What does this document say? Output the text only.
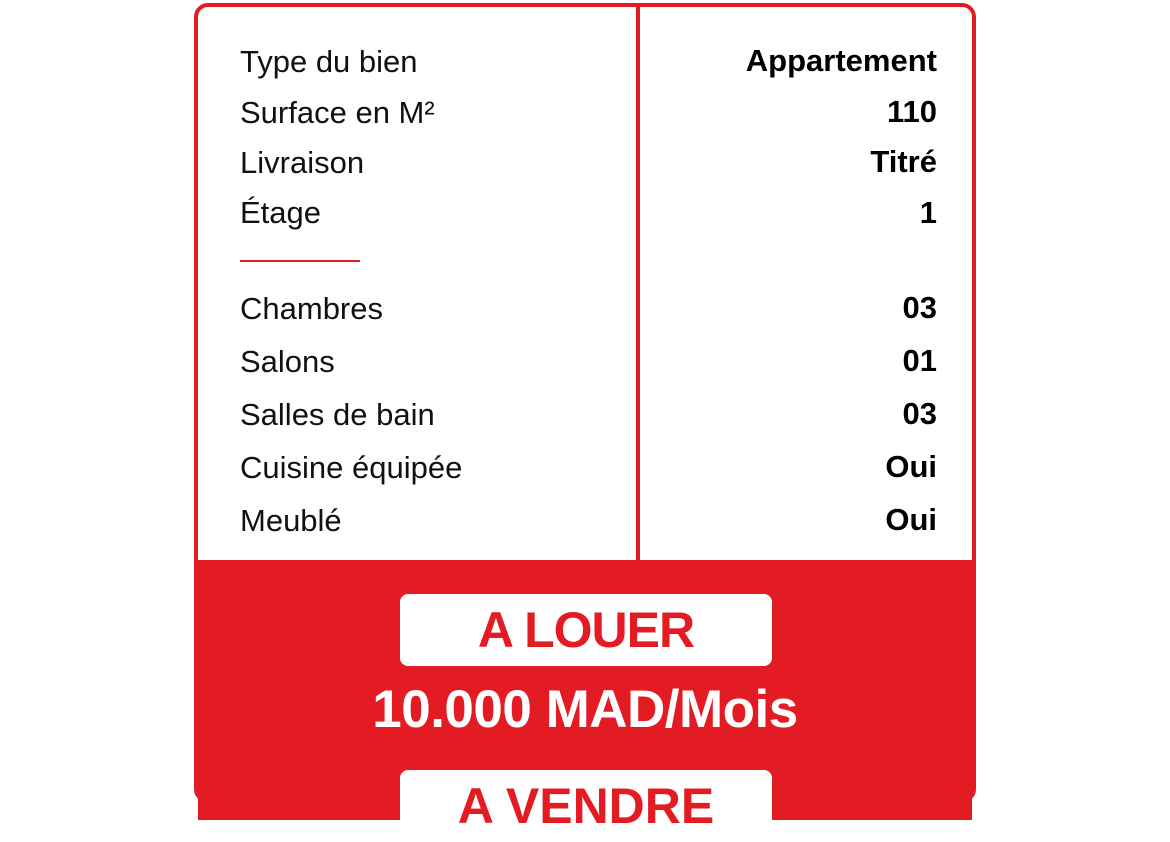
Type du bien
Surface en M²
Livraison
Étage
Chambres
Salons
Salles de bain
Cuisine équipée
Meublé
Appartement
110
Titré
1
03
01
03
Oui
Oui
A LOUER
10.000 MAD/Mois
A VENDRE
